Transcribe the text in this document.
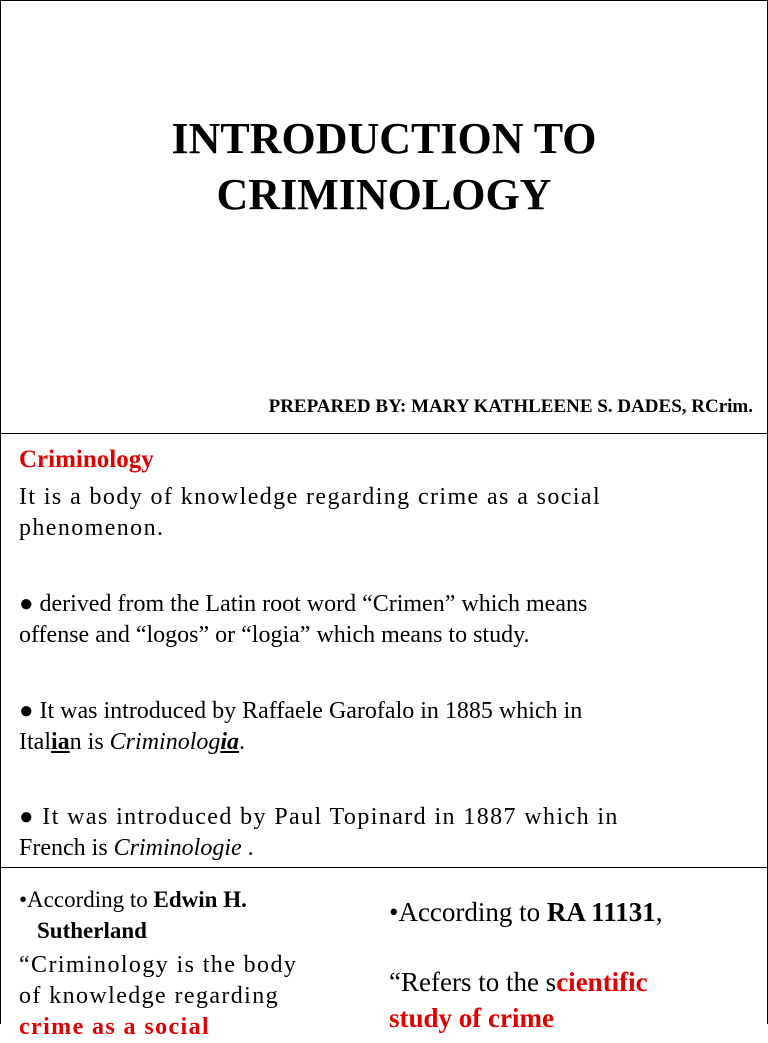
INTRODUCTION TO
CRIMINOLOGY
PREPARED BY: MARY KATHLEENE S. DADES, RCrim.
Criminology
It is a body of knowledge regarding crime as a social
phenomenon.
● derived from the Latin root word “Crimen” which means
offense and “logos” or “logia” which means to study.
● It was introduced by Raffaele Garofalo in 1885 which in
Italian is Criminologia.
● It was introduced by Paul Topinard in 1887 which in
French is Criminologie .
•According to Edwin H.
Sutherland
“Criminology is the body
of knowledge regarding
crime as a social
•According to RA 11131,
“Refers to the scientific
study of crime
